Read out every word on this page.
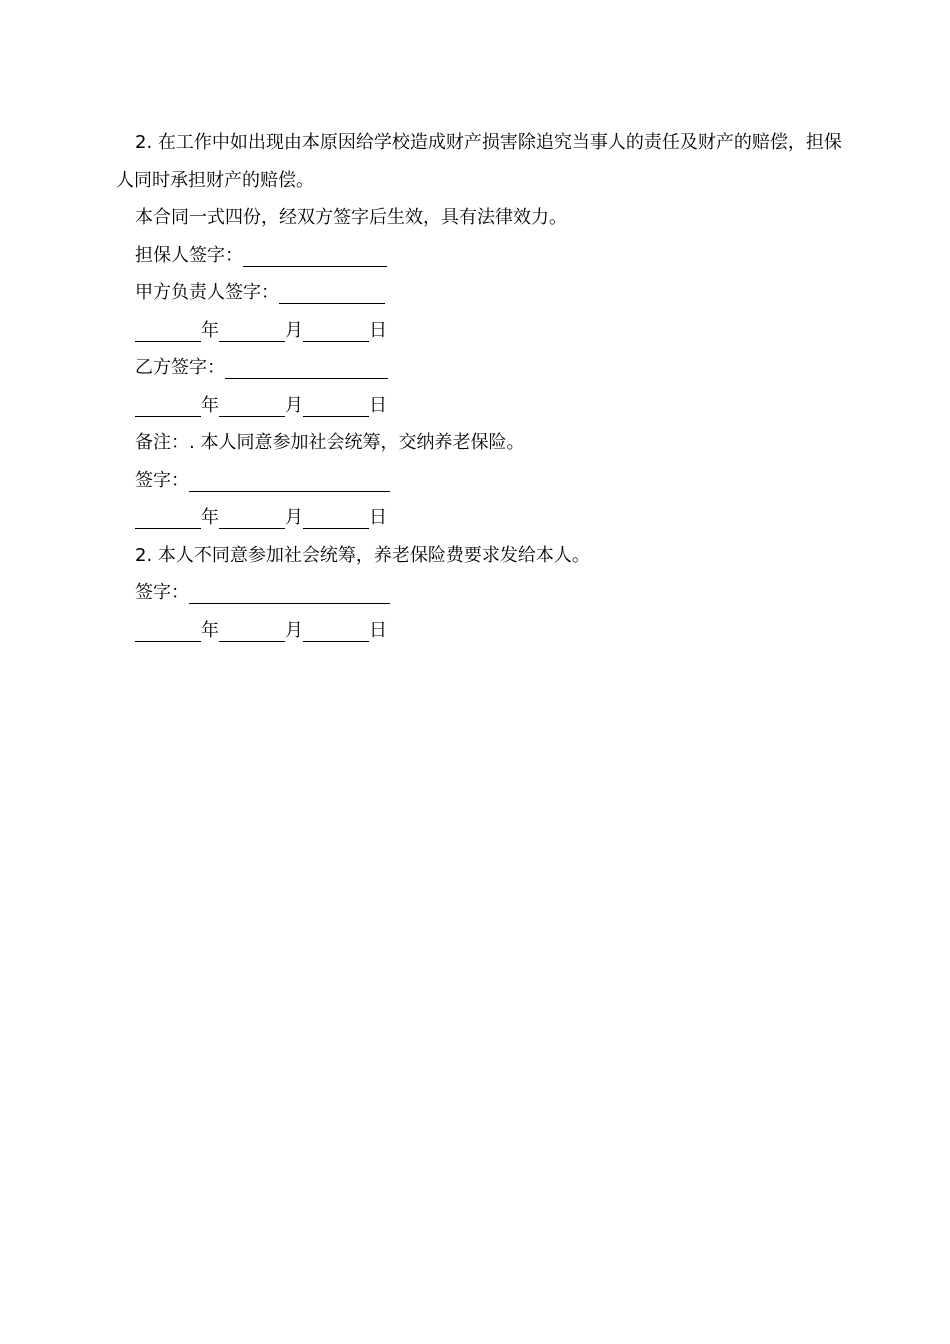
2. 在工作中如出现由本原因给学校造成财产损害除追究当事人的责任及财产的赔偿，担保人同时承担财产的赔偿。
本合同一式四份，经双方签字后生效，具有法律效力。
担保人签字：
甲方负责人签字：
年	月	日
乙方签字：
年	月	日
备注：. 本人同意参加社会统筹，交纳养老保险。
签字：
年	月	日
2. 本人不同意参加社会统筹，养老保险费要求发给本人。
签字：
年	月	日
